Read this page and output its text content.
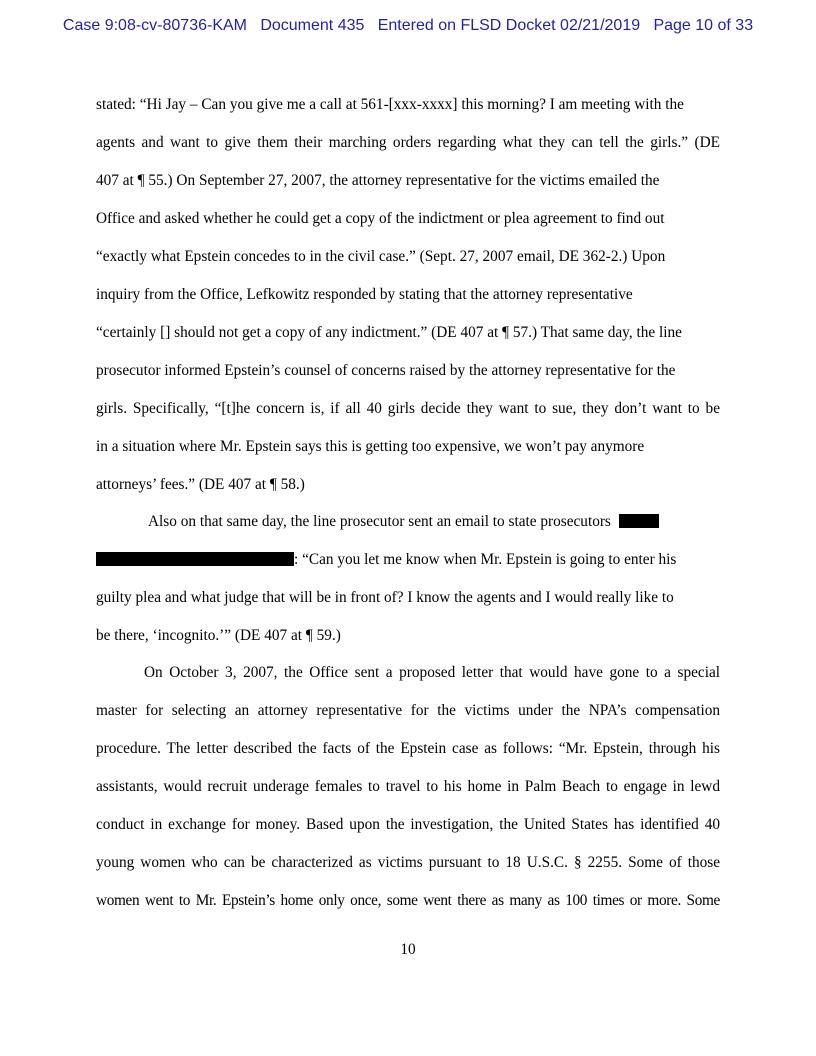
Case 9:08-cv-80736-KAM   Document 435   Entered on FLSD Docket 02/21/2019   Page 10 of 33
stated: “Hi Jay – Can you give me a call at 561-[xxx-xxxx] this morning? I am meeting with the
agents and want to give them their marching orders regarding what they can tell the girls.” (DE
407 at ¶ 55.) On September 27, 2007, the attorney representative for the victims emailed the
Office and asked whether he could get a copy of the indictment or plea agreement to find out
“exactly what Epstein concedes to in the civil case.” (Sept. 27, 2007 email, DE 362-2.) Upon
inquiry from the Office, Lefkowitz responded by stating that the attorney representative
“certainly [] should not get a copy of any indictment.” (DE 407 at ¶ 57.) That same day, the line
prosecutor informed Epstein’s counsel of concerns raised by the attorney representative for the
girls. Specifically, “[t]he concern is, if all 40 girls decide they want to sue, they don’t want to be
in a situation where Mr. Epstein says this is getting too expensive, we won’t pay anymore
attorneys’ fees.” (DE 407 at ¶ 58.)
Also on that same day, the line prosecutor sent an email to state prosecutors
: “Can you let me know when Mr. Epstein is going to enter his
guilty plea and what judge that will be in front of? I know the agents and I would really like to
be there, ‘incognito.’” (DE 407 at ¶ 59.)
On October 3, 2007, the Office sent a proposed letter that would have gone to a special
master for selecting an attorney representative for the victims under the NPA’s compensation
procedure. The letter described the facts of the Epstein case as follows: “Mr. Epstein, through his
assistants, would recruit underage females to travel to his home in Palm Beach to engage in lewd
conduct in exchange for money. Based upon the investigation, the United States has identified 40
young women who can be characterized as victims pursuant to 18 U.S.C. § 2255. Some of those
women went to Mr. Epstein’s home only once, some went there as many as 100 times or more. Some
10
